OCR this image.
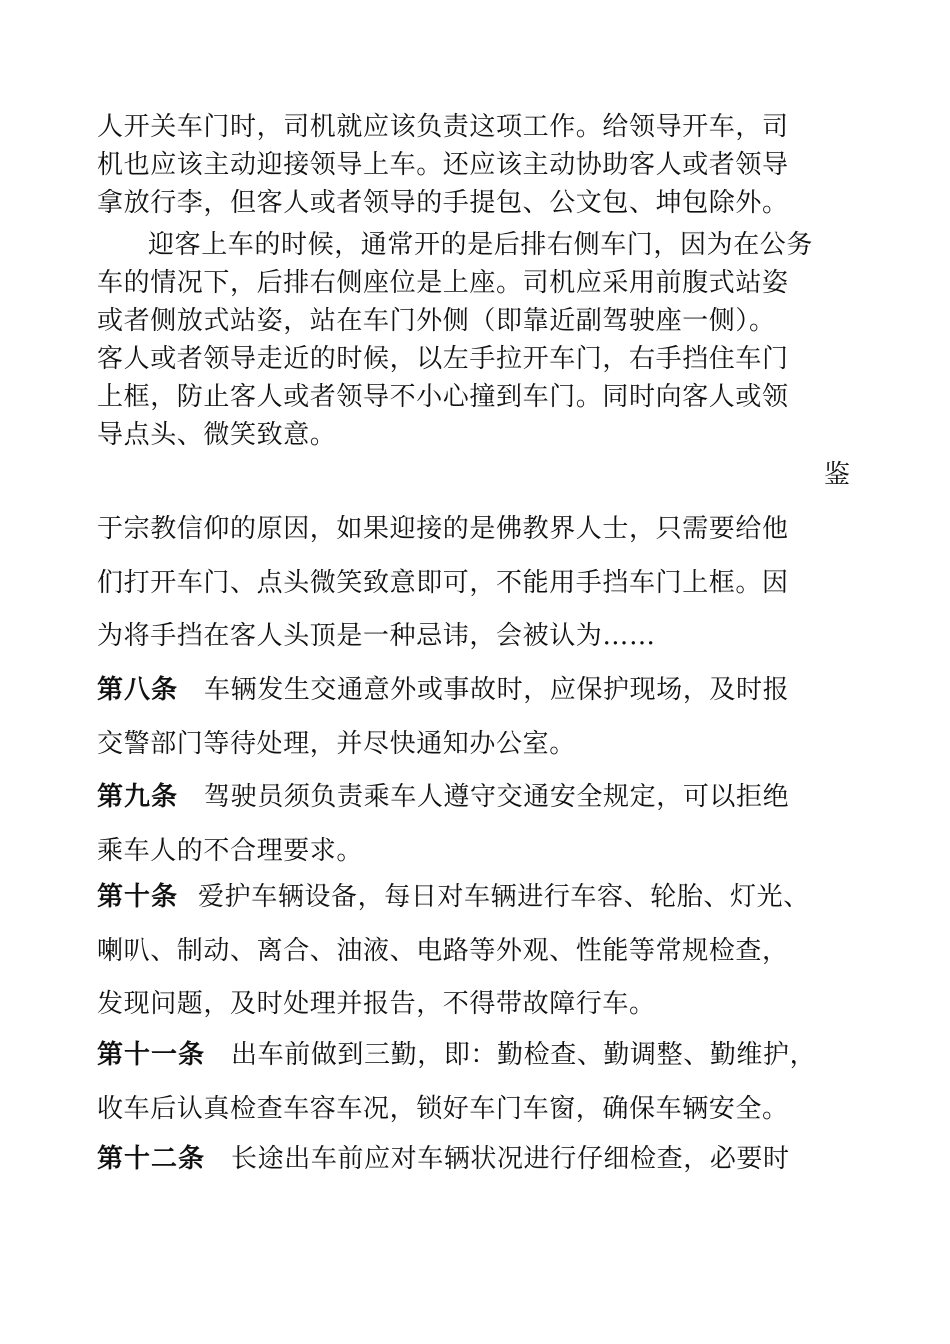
人开关车门时，司机就应该负责这项工作。给领导开车，司
机也应该主动迎接领导上车。还应该主动协助客人或者领导
拿放行李，但客人或者领导的手提包、公文包、坤包除外。
迎客上车的时候，通常开的是后排右侧车门，因为在公务
车的情况下，后排右侧座位是上座。司机应采用前腹式站姿
或者侧放式站姿，站在车门外侧（即靠近副驾驶座一侧）。
客人或者领导走近的时候，以左手拉开车门，右手挡住车门
上框，防止客人或者领导不小心撞到车门。同时向客人或领
导点头、微笑致意。
鉴
于宗教信仰的原因，如果迎接的是佛教界人士，只需要给他
们打开车门、点头微笑致意即可，不能用手挡车门上框。因
为将手挡在客人头顶是一种忌讳，会被认为……
第八条 车辆发生交通意外或事故时，应保护现场，及时报
交警部门等待处理，并尽快通知办公室。
第九条 驾驶员须负责乘车人遵守交通安全规定，可以拒绝
乘车人的不合理要求。
第十条 爱护车辆设备，每日对车辆进行车容、轮胎、灯光、
喇叭、制动、离合、油液、电路等外观、性能等常规检查，
发现问题，及时处理并报告，不得带故障行车。
第十一条 出车前做到三勤，即：勤检查、勤调整、勤维护，
收车后认真检查车容车况，锁好车门车窗，确保车辆安全。
第十二条 长途出车前应对车辆状况进行仔细检查，必要时
